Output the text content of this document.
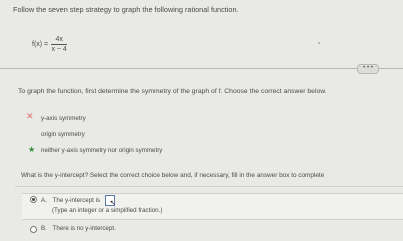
Follow the seven step strategy to graph the following rational function.
$f(x) = \frac{4x}{x - 4}$
• • •
To graph the function, first determine the symmetry of the graph of f. Choose the correct answer below.
✕ y-axis symmetry
origin symmetry
★ neither y-axis symmetry nor origin symmetry
What is the y-intercept? Select the correct choice below and, if necessary, fill in the answer box to complete
A. The y-intercept is ↖
(Type an integer or a simplified fraction.)
B. There is no y-intercept.
